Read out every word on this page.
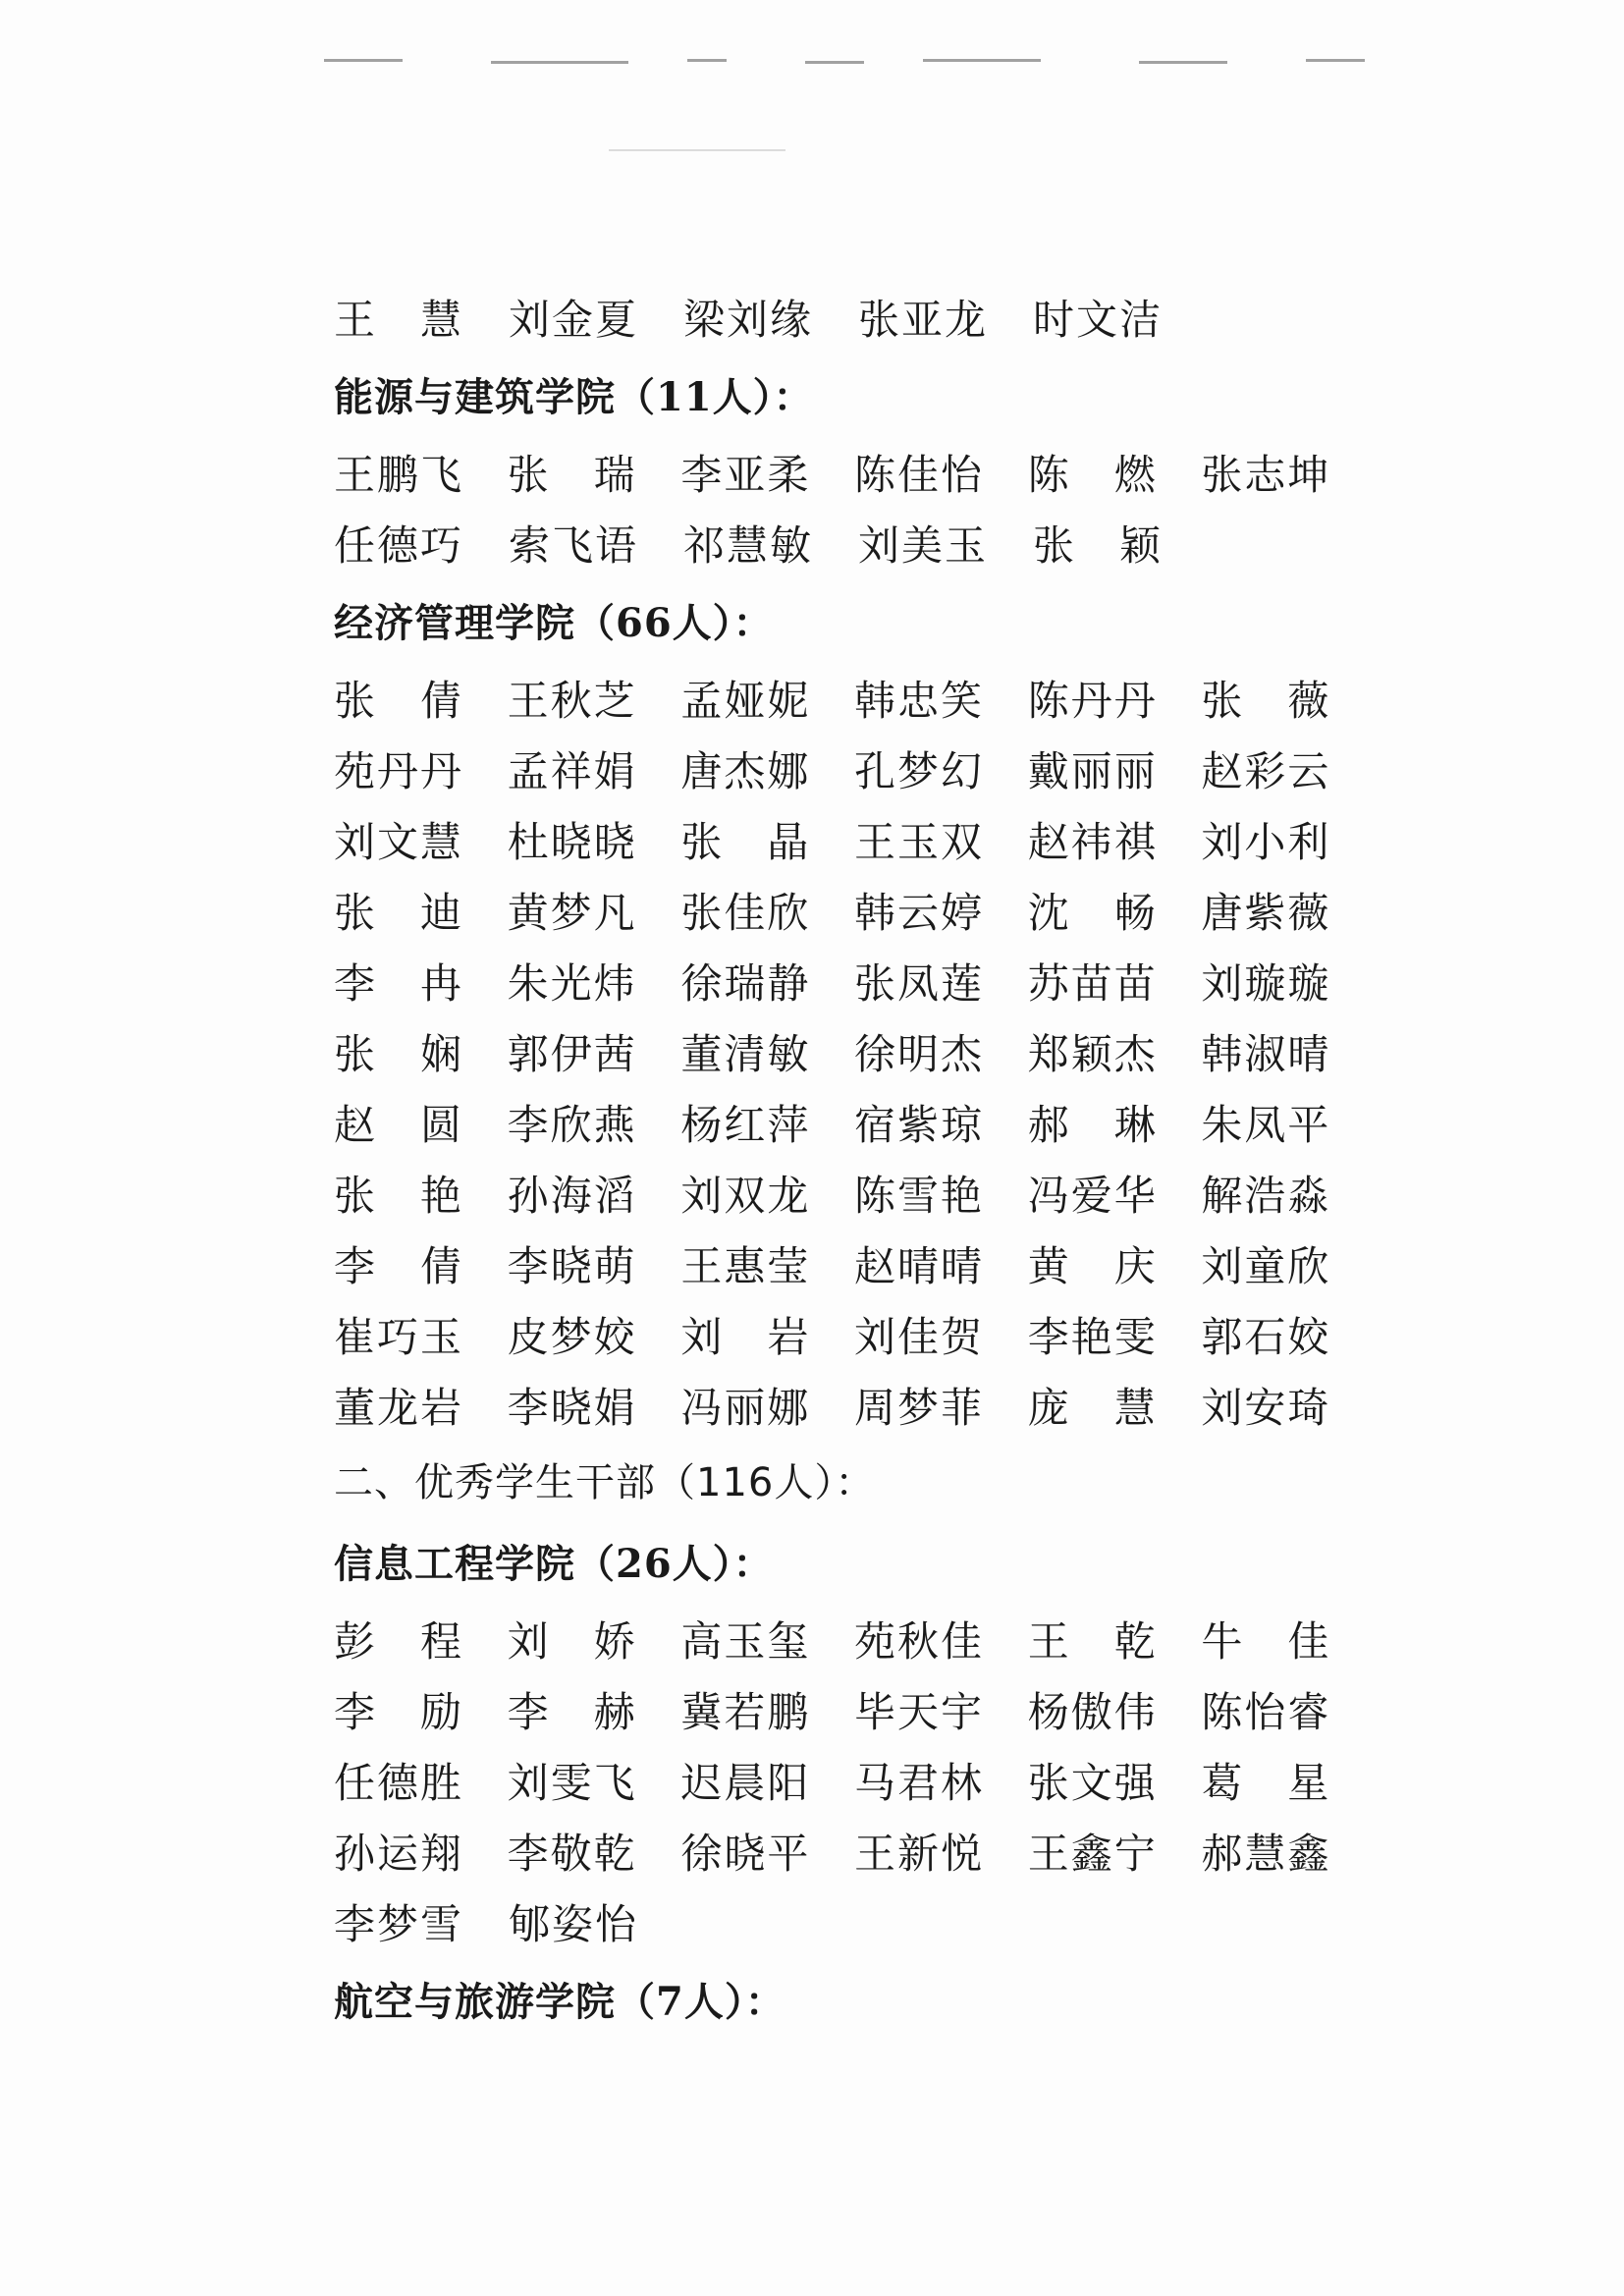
王　慧	刘金夏	梁刘缘	张亚龙	时文洁
能源与建筑学院（11人）：
王鹏飞	张　瑞	李亚柔	陈佳怡	陈　燃	张志坤
任德巧	索飞语	祁慧敏	刘美玉	张　颖
经济管理学院（66人）：
张　倩	王秋芝	孟娅妮	韩忠笑	陈丹丹	张　薇
苑丹丹	孟祥娟	唐杰娜	孔梦幻	戴丽丽	赵彩云
刘文慧	杜晓晓	张　晶	王玉双	赵祎祺	刘小利
张　迪	黄梦凡	张佳欣	韩云婷	沈　畅	唐紫薇
李　冉	朱光炜	徐瑞静	张凤莲	苏苗苗	刘璇璇
张　娴	郭伊茜	董清敏	徐明杰	郑颖杰	韩淑晴
赵　圆	李欣燕	杨红萍	宿紫琼	郝　琳	朱凤平
张　艳	孙海滔	刘双龙	陈雪艳	冯爱华	解浩淼
李　倩	李晓萌	王惠莹	赵晴晴	黄　庆	刘童欣
崔巧玉	皮梦姣	刘　岩	刘佳贺	李艳雯	郭石姣
董龙岩	李晓娟	冯丽娜	周梦菲	庞　慧	刘安琦
二、优秀学生干部（116人）：
信息工程学院（26人）：
彭　程	刘　娇	高玉玺	苑秋佳	王　乾	牛　佳
李　励	李　赫	冀若鹏	毕天宇	杨傲伟	陈怡睿
任德胜	刘雯飞	迟晨阳	马君林	张文强	葛　星
孙运翔	李敬乾	徐晓平	王新悦	王鑫宁	郝慧鑫
李梦雪	郇姿怡
航空与旅游学院（7人）：
